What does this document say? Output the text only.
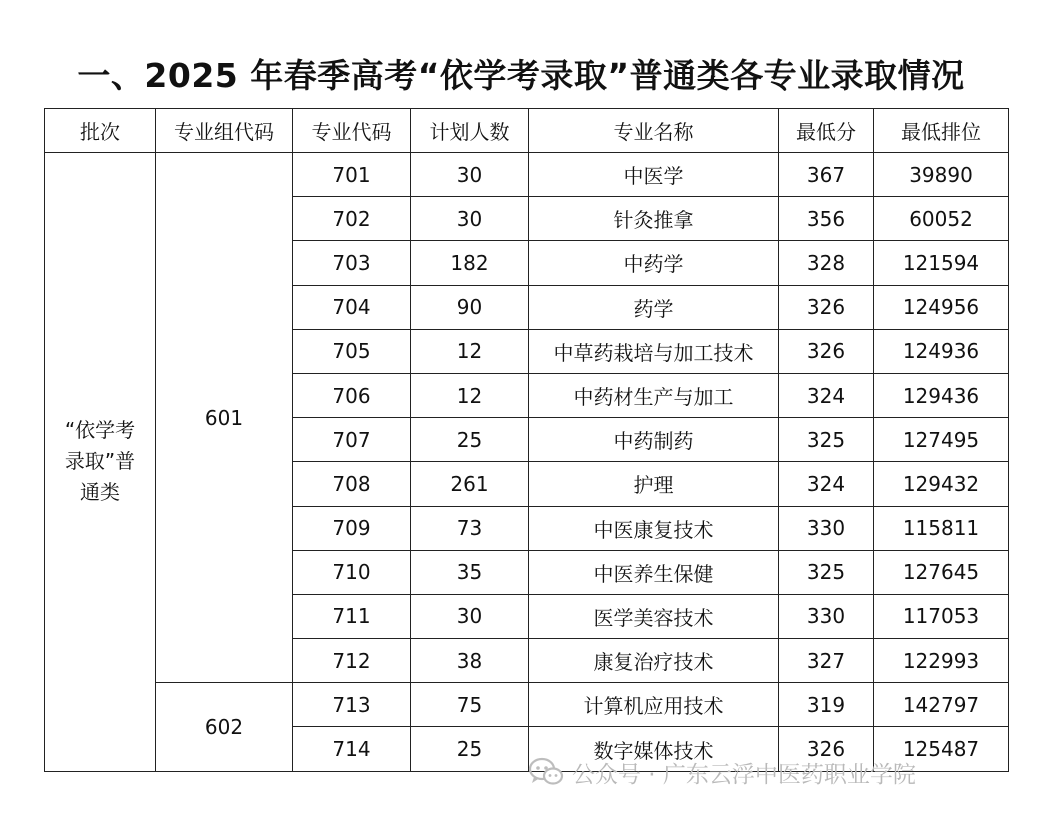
一、2025 年春季高考“依学考录取”普通类各专业录取情况
批次	专业组代码	专业代码	计划人数	专业名称	最低分	最低排位
“依学考录取”普通类	601	701	30	中医学	367	39890
		702	30	针灸推拿	356	60052
		703	182	中药学	328	121594
		704	90	药学	326	124956
		705	12	中草药栽培与加工技术	326	124936
		706	12	中药材生产与加工	324	129436
		707	25	中药制药	325	127495
		708	261	护理	324	129432
		709	73	中医康复技术	330	115811
		710	35	中医养生保健	325	127645
		711	30	医学美容技术	330	117053
		712	38	康复治疗技术	327	122993
	602	713	75	计算机应用技术	319	142797
		714	25	数字媒体技术	326	125487
公众号 · 广东云浮中医药职业学院
